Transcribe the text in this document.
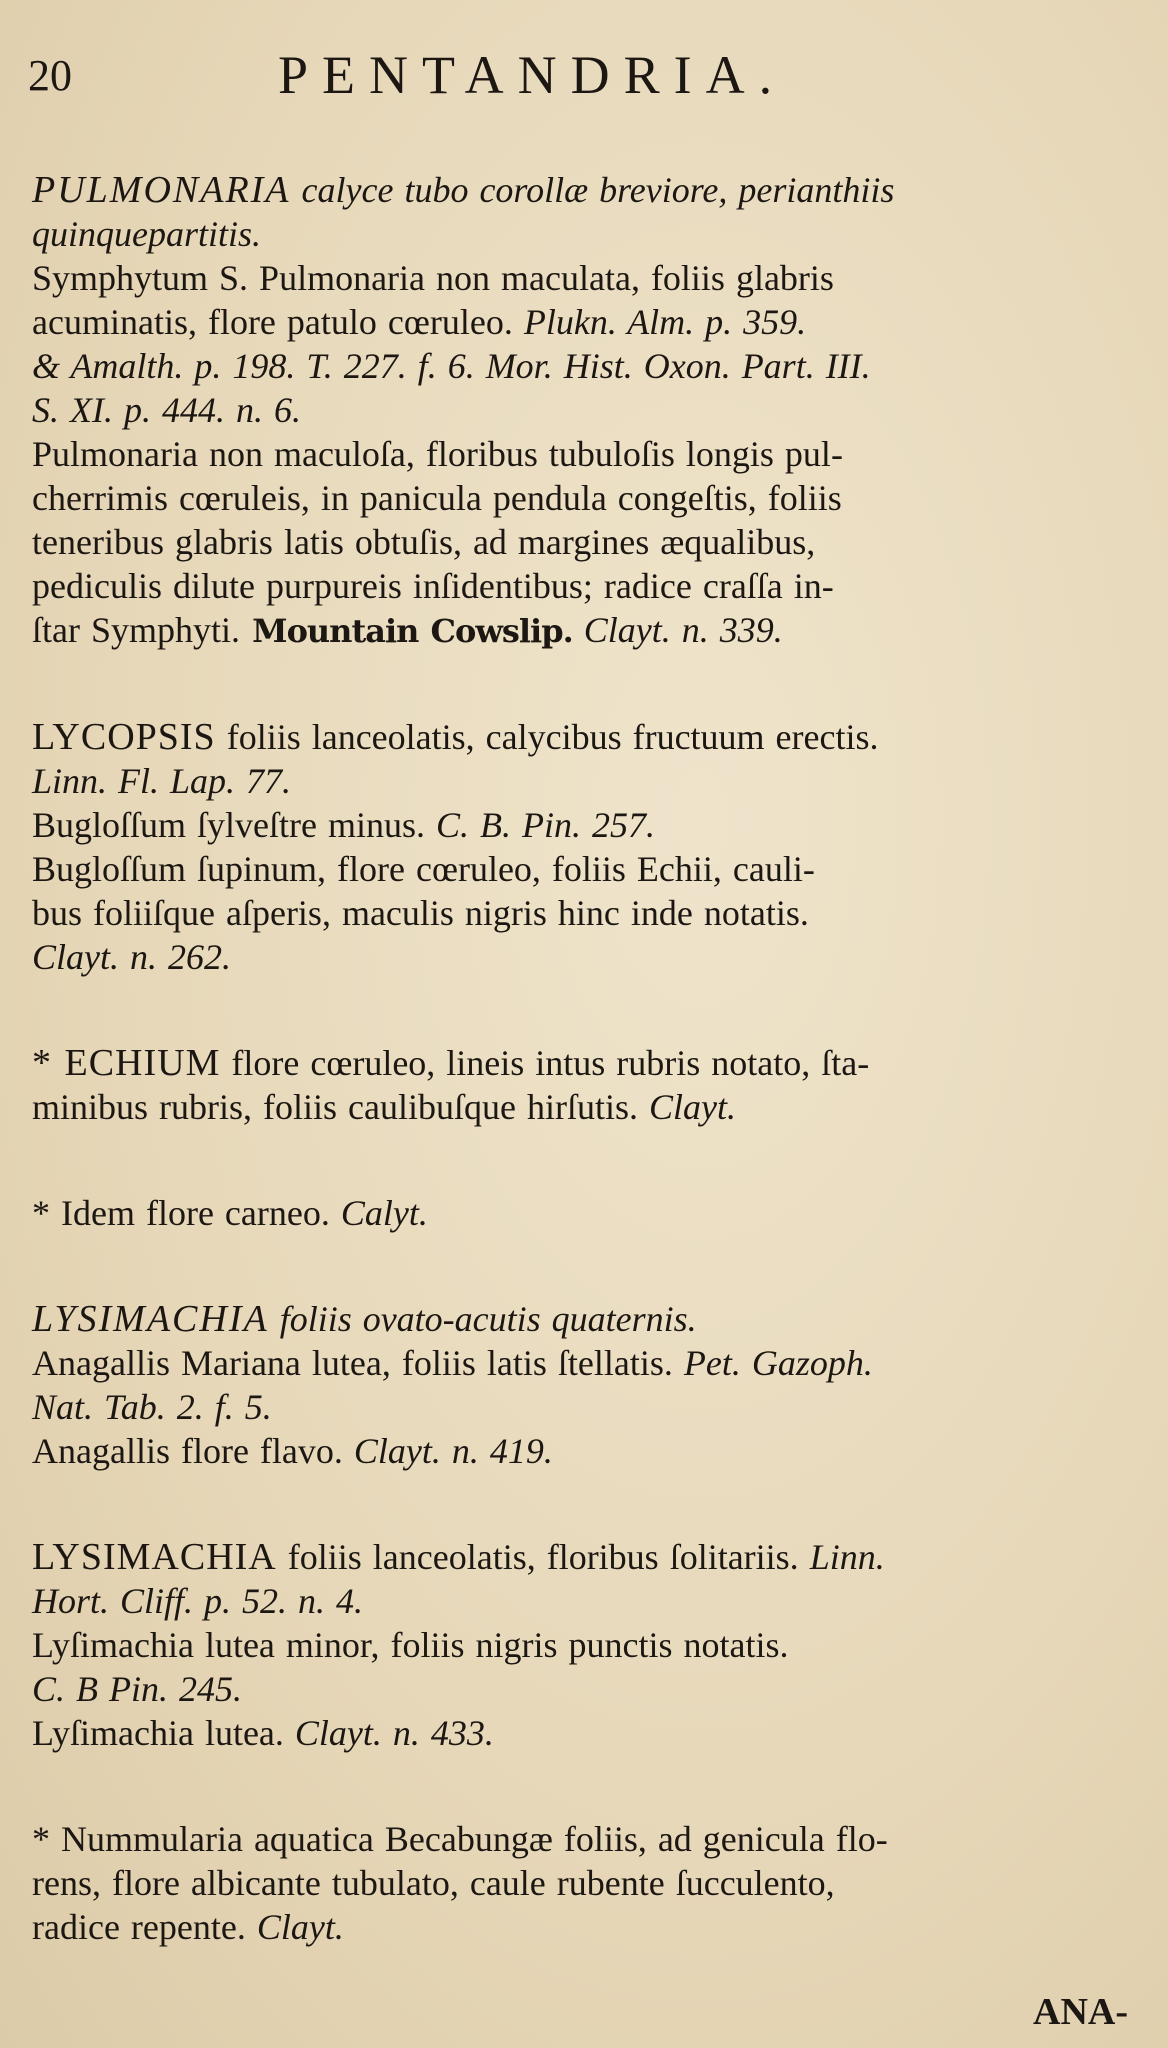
20	PENTANDRIA.
PULMONARIA calyce tubo corollæ breviore, perianthiis
quinquepartitis.
Symphytum S. Pulmonaria non maculata, foliis glabris
acuminatis, flore patulo cœruleo. Plukn. Alm. p. 359.
& Amalth. p. 198. T. 227. f. 6. Mor. Hist. Oxon. Part. III.
S. XI. p. 444. n. 6.
Pulmonaria non maculoſa, floribus tubuloſis longis pul-
cherrimis cœruleis, in panicula pendula congeſtis, foliis
teneribus glabris latis obtuſis, ad margines æqualibus,
pediculis dilute purpureis inſidentibus; radice craſſa in-
ſtar Symphyti. Mountain Cowslip. Clayt. n. 339.
LYCOPSIS foliis lanceolatis, calycibus fructuum erectis.
Linn. Fl. Lap. 77.
Bugloſſum ſylveſtre minus. C. B. Pin. 257.
Bugloſſum ſupinum, flore cœruleo, foliis Echii, cauli-
bus foliiſque aſperis, maculis nigris hinc inde notatis.
Clayt. n. 262.
* ECHIUM flore cœruleo, lineis intus rubris notato, ſta-
minibus rubris, foliis caulibuſque hirſutis. Clayt.
* Idem flore carneo. Calyt.
LYSIMACHIA foliis ovato-acutis quaternis.
Anagallis Mariana lutea, foliis latis ſtellatis. Pet. Gazoph.
Nat. Tab. 2. f. 5.
Anagallis flore flavo. Clayt. n. 419.
LYSIMACHIA foliis lanceolatis, floribus ſolitariis. Linn.
Hort. Cliff. p. 52. n. 4.
Lyſimachia lutea minor, foliis nigris punctis notatis.
C. B Pin. 245.
Lyſimachia lutea. Clayt. n. 433.
* Nummularia aquatica Becabungæ foliis, ad genicula flo-
rens, flore albicante tubulato, caule rubente ſucculento,
radice repente. Clayt.
ANA-
